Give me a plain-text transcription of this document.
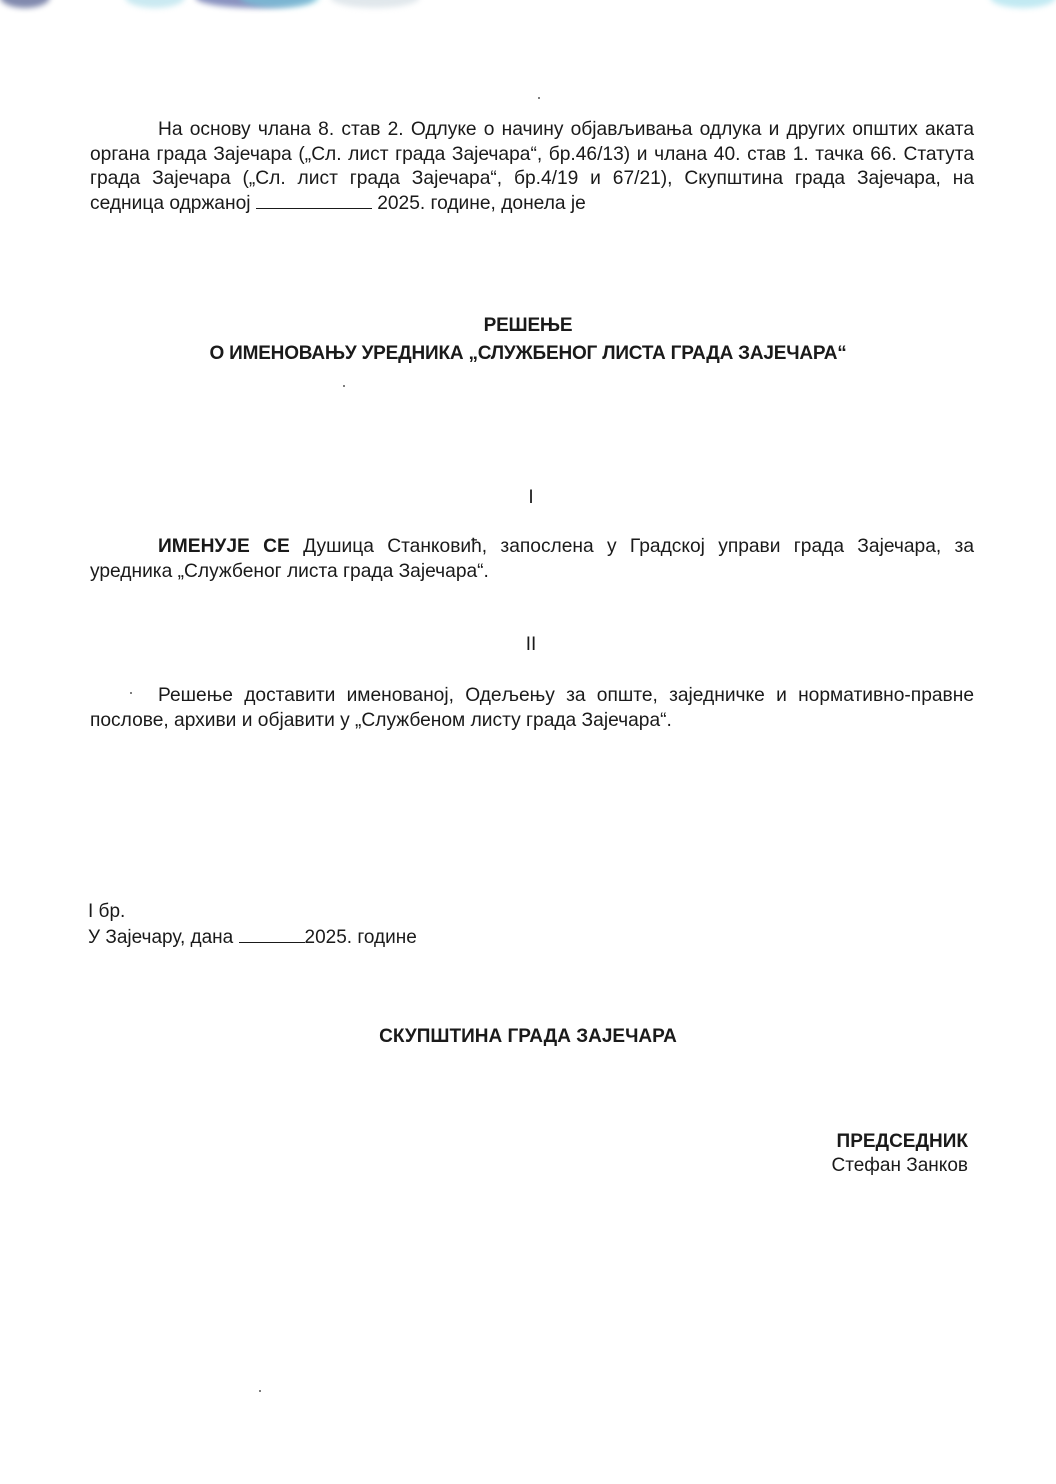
На основу члана 8. став 2. Одлуке о начину објављивања одлука и других општих аката органа града Зајечара („Сл. лист града Зајечара“, бр.46/13) и члана 40. став 1. тачка 66. Статута града Зајечара („Сл. лист града Зајечара“, бр.4/19 и 67/21), Скупштина града Зајечара, на седница одржаној	2025. године, донела је
РЕШЕЊЕ
О ИМЕНОВАЊУ УРЕДНИКА „СЛУЖБЕНОГ ЛИСТА ГРАДА ЗАЈЕЧАРА“
I
ИМЕНУЈЕ СЕ Душица Станковић, запослена у Градској управи града Зајечара, за уредника „Службеног листа града Зајечара“.
II
Решење доставити именованој, Одељењу за опште, заједничке и нормативно-правне послове, архиви и објавити у „Службеном листу града Зајечара“.
I бр.
У Зајечару, дана	2025. године
СКУПШТИНА ГРАДА ЗАЈЕЧАРА
ПРЕДСЕДНИК
Стефан Занков
